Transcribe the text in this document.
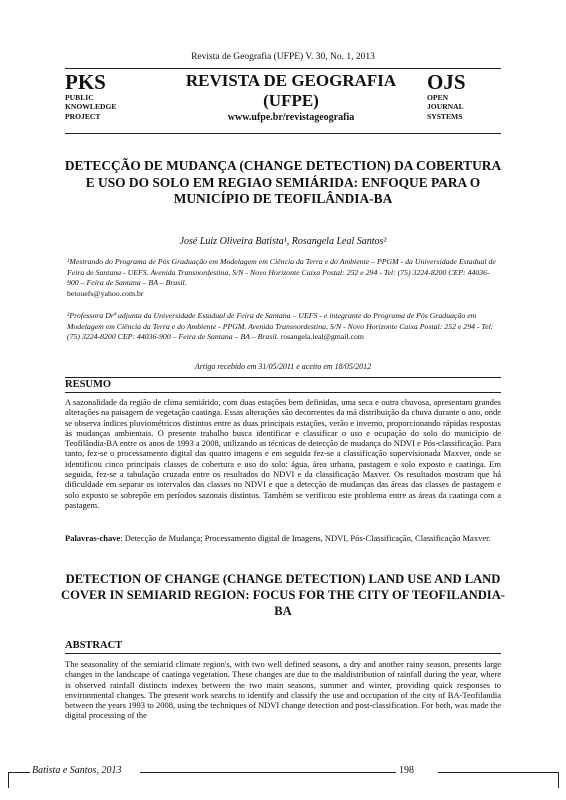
Revista de Geografia (UFPE) V. 30, No. 1, 2013
PKS
PUBLIC
KNOWLEDGE
PROJECT
REVISTA DE GEOGRAFIA
(UFPE)
www.ufpe.br/revistageografia
OJS
OPEN
JOURNAL
SYSTEMS
DETECÇÃO DE MUDANÇA (CHANGE DETECTION) DA COBERTURA E USO DO SOLO EM REGIAO SEMIÁRIDA: ENFOQUE PARA O MUNICÍPIO DE TEOFILÂNDIA-BA
José Luiz Oliveira Batista¹, Rosangela Leal Santos²
¹Mestrando do Programa de Pós Graduação em Modelagem em Ciência da Terra e do Ambiente – PPGM - da Universidade Estadual de Feira de Santana - UEFS. Avenida Transnordestina, S/N - Novo Horizonte Caixa Postal: 252 e 294 - Tel: (75) 3224-8200 CEP: 44036-900 – Feira de Santana – BA – Brasil.
betouefs@yahoo.com.br
²Professora Drª adjunta da Universidade Estadual de Feira de Santana – UEFS - e integrante do Programa de Pós Graduação em Modelagem em Ciência da Terra e do Ambiente - PPGM. Avenida Transnordestina, S/N - Novo Horizonte Caixa Postal: 252 e 294 - Tel: (75) 3224-8200 CEP: 44036-900 – Feira de Santana – BA – Brasil. rosangela.leal@gmail.com
Artigo recebido em 31/05/2011 e aceito em 18/05/2012
RESUMO
A sazonalidade da região de clima semiárido, com duas estações bem definidas, uma seca e outra chuvosa, apresentam grandes alterações na paisagem de vegetação caatinga. Essas alterações são decorrentes da má distribuição da chuva durante o ano, onde se observa índices pluviométricos distintos entre as duas principais estações, verão e inverno, proporcionando rápidas respostas às mudanças ambientais. O presente trabalho busca identificar e classificar o uso e ocupação do solo do município de Teofilândia-BA entre os anos de 1993 a 2008, utilizando as técnicas de detecção de mudança do NDVI e Pós-classificação. Para tanto, fez-se o processamento digital das quatro imagens e em seguida fez-se a classificação supervisionada Maxver, onde se identificou cinco principais classes de cobertura e uso do solo: água, área urbana, pastagem e solo exposto e caatinga. Em seguida, fez-se a tabulação cruzada entre os resultados do NDVI e da classificação Maxver. Os resultados mostram que há dificuldade em separar os intervalos das classes no NDVI e que a detecção de mudanças das áreas das classes de pastagem e solo exposto se sobrepõe em períodos sazonais distintos. Também se verificou este problema entre as áreas da caatinga com a pastagem.
Palavras-chave: Detecção de Mudança; Processamento digital de Imagens, NDVI, Pós-Classificação, Classificação Maxver.
DETECTION OF CHANGE (CHANGE DETECTION) LAND USE AND LAND COVER IN SEMIARID REGION: FOCUS FOR THE CITY OF TEOFILANDIA-BA
ABSTRACT
The seasonality of the semiarid climate region's, with two well defined seasons, a dry and another rainy season, presents large changes in the landscape of caatinga vegetation. These changes are due to the maldistribution of rainfall during the year, where is observed rainfall distincts indexes between the two main seasons, summer and winter, providing quick responses to environmental changes. The present work searchs to identify and classify the use and occupation of the city of BA-Teofilandia between the years 1993 to 2008, using the techniques of NDVI change detection and post-classification. For both, was made the digital processing of the
Batista e Santos, 2013	198
